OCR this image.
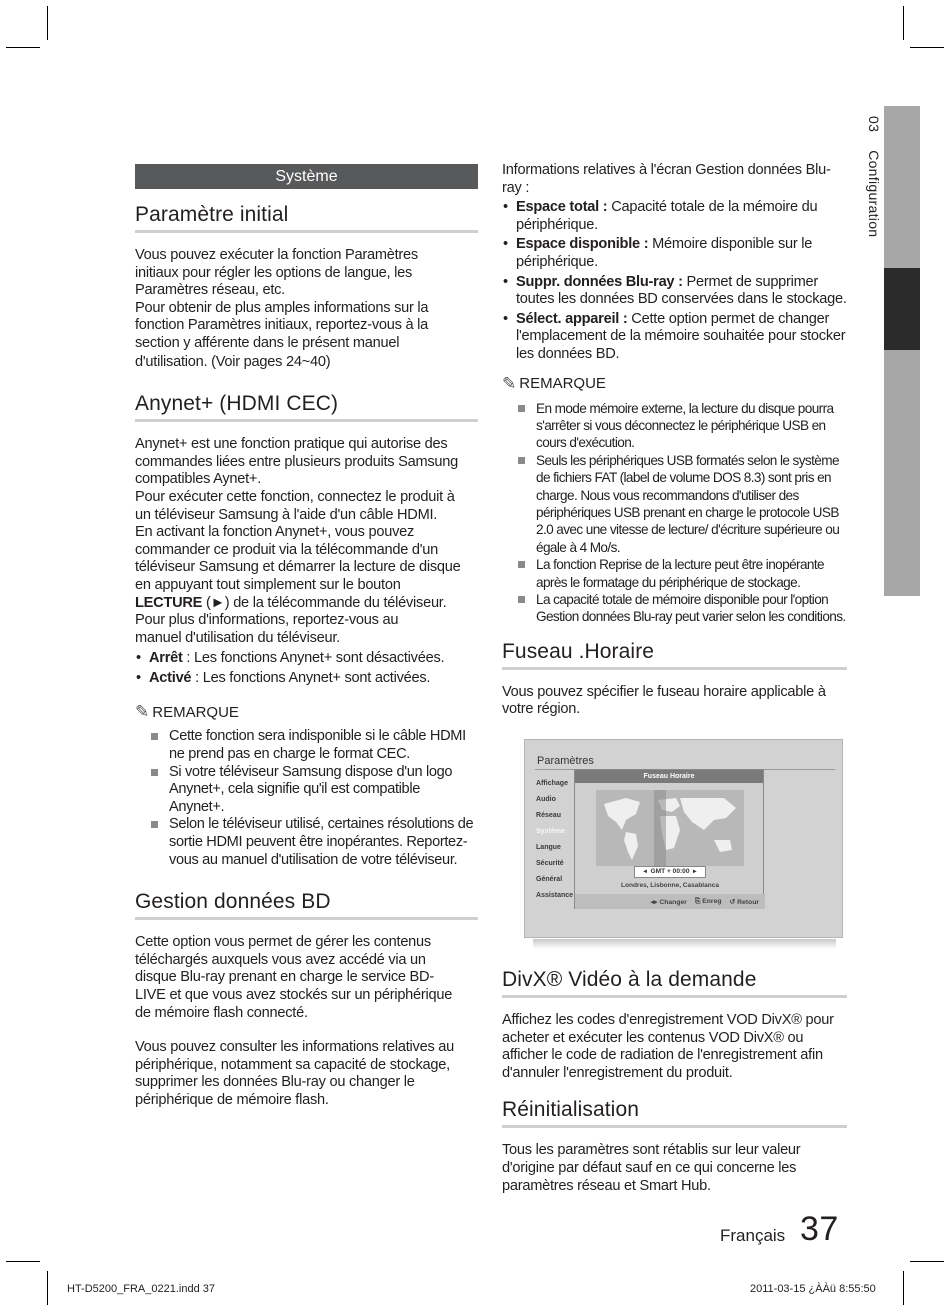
03Configuration
Système
Paramètre initial

Vous pouvez exécuter la fonction Paramètres

initiaux pour régler les options de langue, les

Paramètres réseau, etc.

Pour obtenir de plus amples informations sur la

fonction Paramètres initiaux, reportez-vous à la

section y afférente dans le présent manuel

d'utilisation. (Voir pages 24~40)

Anynet+ (HDMI CEC)

Anynet+ est une fonction pratique qui autorise des

commandes liées entre plusieurs produits Samsung

compatibles Aynet+.

Pour exécuter cette fonction, connectez le produit à

un téléviseur Samsung à l'aide d'un câble HDMI.

En activant la fonction Anynet+, vous pouvez

commander ce produit via la télécommande d'un

téléviseur Samsung et démarrer la lecture de disque

en appuyant tout simplement sur le bouton

LECTURE (►) de la télécommande du téléviseur.

Pour plus d'informations, reportez-vous au

manuel d'utilisation du téléviseur.

• Arrêt : Les fonctions Anynet+ sont désactivées.
• Activé : Les fonctions Anynet+ sont activées.
✎ REMARQUE
Cette fonction sera indisponible si le câble HDMI ne prend pas en charge le format CEC.
Si votre téléviseur Samsung dispose d'un logo Anynet+, cela signifie qu'il est compatible Anynet+.
Selon le téléviseur utilisé, certaines résolutions de sortie HDMI peuvent être inopérantes. Reportez-vous au manuel d'utilisation de votre téléviseur.
Gestion données BD

Cette option vous permet de gérer les contenus

téléchargés auxquels vous avez accédé via un

disque Blu-ray prenant en charge le service BD-

LIVE et que vous avez stockés sur un périphérique

de mémoire flash connecté.

Vous pouvez consulter les informations relatives au

périphérique, notamment sa capacité de stockage,

supprimer les données Blu-ray ou changer le

périphérique de mémoire flash.

Informations relatives à l'écran Gestion données Blu-ray :

• Espace total : Capacité totale de la mémoire du périphérique.
• Espace disponible : Mémoire disponible sur le périphérique.
• Suppr. données Blu-ray : Permet de supprimer toutes les données BD conservées dans le stockage.
• Sélect. appareil : Cette option permet de changer l'emplacement de la mémoire souhaitée pour stocker les données BD.
✎ REMARQUE
En mode mémoire externe, la lecture du disque pourra s'arrêter si vous déconnectez le périphérique USB en cours d'exécution.
Seuls les périphériques USB formatés selon le système de fichiers FAT (label de volume DOS 8.3) sont pris en charge. Nous vous recommandons d'utiliser des périphériques USB prenant en charge le protocole USB 2.0 avec une vitesse de lecture/ d'écriture supérieure ou égale à 4 Mo/s.
La fonction Reprise de la lecture peut être inopérante après le formatage du périphérique de stockage.
La capacité totale de mémoire disponible pour l'option Gestion données Blu-ray peut varier selon les conditions.
Fuseau .Horaire

Vous pouvez spécifier le fuseau horaire applicable à votre région.

Paramètres
Affichage
Audio
Réseau
Système
Langue
Sécurité
Général
Assistance
Fuseau Horaire
◂  GMT + 00:00  ▸
Londres, Lisbonne, Casablanca
◂▸ Changer ⎘ Enreg ↺ Retour
DivX® Vidéo à la demande

Affichez les codes d'enregistrement VOD DivX® pour acheter et exécuter les contenus VOD DivX® ou afficher le code de radiation de l'enregistrement afin d'annuler l'enregistrement du produit.

Réinitialisation

Tous les paramètres sont rétablis sur leur valeur d'origine par défaut sauf en ce qui concerne les paramètres réseau et Smart Hub.

Français 37
HT-D5200_FRA_0221.indd 37	2011-03-15 ¿ÀÀü 8:55:50
